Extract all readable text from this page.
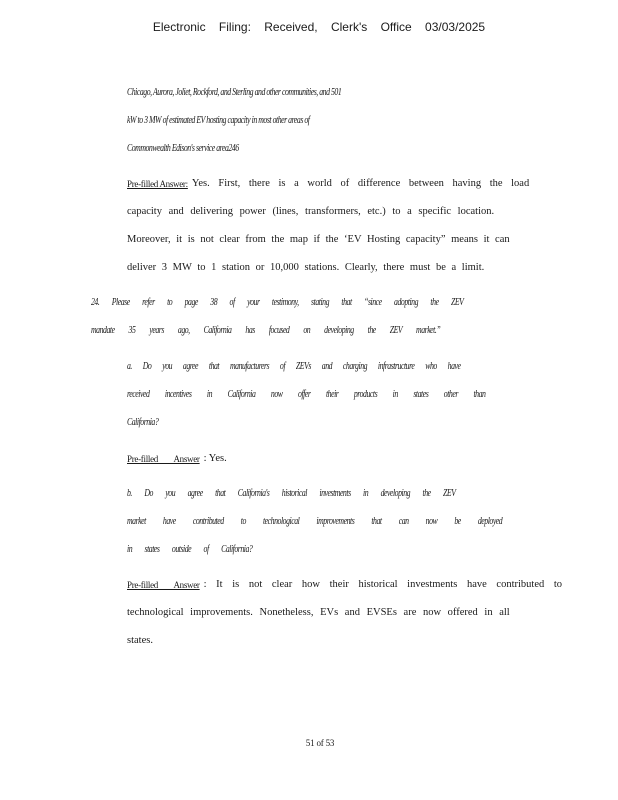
Electronic Filing: Received, Clerk's Office 03/03/2025
Chicago, Aurora, Joliet, Rockford, and Sterling and other communities, and 501
kW to 3 MW of estimated EV hosting capacity in most other areas of
Commonwealth Edison's service area246
Pre-filled Answer: Yes. First, there is a world of difference between having the load
capacity and delivering power (lines, transformers, etc.) to a specific location.
Moreover, it is not clear from the map if the ‘EV Hosting capacity” means it can
deliver 3 MW to 1 station or 10,000 stations. Clearly, there must be a limit.
24. Please refer to page 38 of your testimony, stating that “since adopting the ZEV
mandate 35 years ago, California has focused on developing the ZEV market.”
a. Do you agree that manufacturers of ZEVs and charging infrastructure who have
received incentives in California now offer their products in states other than
California?
Pre-filled Answer : Yes.
b. Do you agree that California's historical investments in developing the ZEV
market have contributed to technological improvements that can now be deployed
in states outside of California?
Pre-filled Answer : It is not clear how their historical investments have contributed to
technological improvements. Nonetheless, EVs and EVSEs are now offered in all
states.
51 of 53
